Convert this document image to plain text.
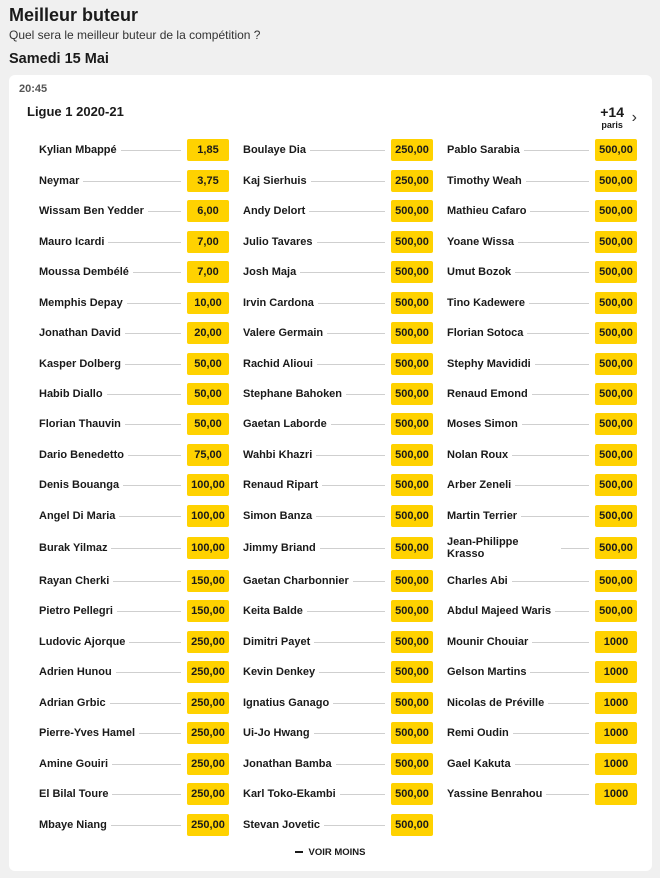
Meilleur buteur
Quel sera le meilleur buteur de la compétition ?
Samedi 15 Mai
20:45
Ligue 1 2020-21	+14
paris ›
Kylian Mbappé	1,85
Neymar	3,75
Wissam Ben Yedder	6,00
Mauro Icardi	7,00
Moussa Dembélé	7,00
Memphis Depay	10,00
Jonathan David	20,00
Kasper Dolberg	50,00
Habib Diallo	50,00
Florian Thauvin	50,00
Dario Benedetto	75,00
Denis Bouanga	100,00
Angel Di Maria	100,00
Burak Yilmaz	100,00
Rayan Cherki	150,00
Pietro Pellegri	150,00
Ludovic Ajorque	250,00
Adrien Hunou	250,00
Adrian Grbic	250,00
Pierre-Yves Hamel	250,00
Amine Gouiri	250,00
El Bilal Toure	250,00
Mbaye Niang	250,00
Boulaye Dia	250,00
Kaj Sierhuis	250,00
Andy Delort	500,00
Julio Tavares	500,00
Josh Maja	500,00
Irvin Cardona	500,00
Valere Germain	500,00
Rachid Alioui	500,00
Stephane Bahoken	500,00
Gaetan Laborde	500,00
Wahbi Khazri	500,00
Renaud Ripart	500,00
Simon Banza	500,00
Jimmy Briand	500,00
Gaetan Charbonnier	500,00
Keita Balde	500,00
Dimitri Payet	500,00
Kevin Denkey	500,00
Ignatius Ganago	500,00
Ui-Jo Hwang	500,00
Jonathan Bamba	500,00
Karl Toko-Ekambi	500,00
Stevan Jovetic	500,00
Pablo Sarabia	500,00
Timothy Weah	500,00
Mathieu Cafaro	500,00
Yoane Wissa	500,00
Umut Bozok	500,00
Tino Kadewere	500,00
Florian Sotoca	500,00
Stephy Mavididi	500,00
Renaud Emond	500,00
Moses Simon	500,00
Nolan Roux	500,00
Arber Zeneli	500,00
Martin Terrier	500,00
Jean-Philippe Krasso	500,00
Charles Abi	500,00
Abdul Majeed Waris	500,00
Mounir Chouiar	1000
Gelson Martins	1000
Nicolas de Préville	1000
Remi Oudin	1000
Gael Kakuta	1000
Yassine Benrahou	1000
VOIR MOINS
